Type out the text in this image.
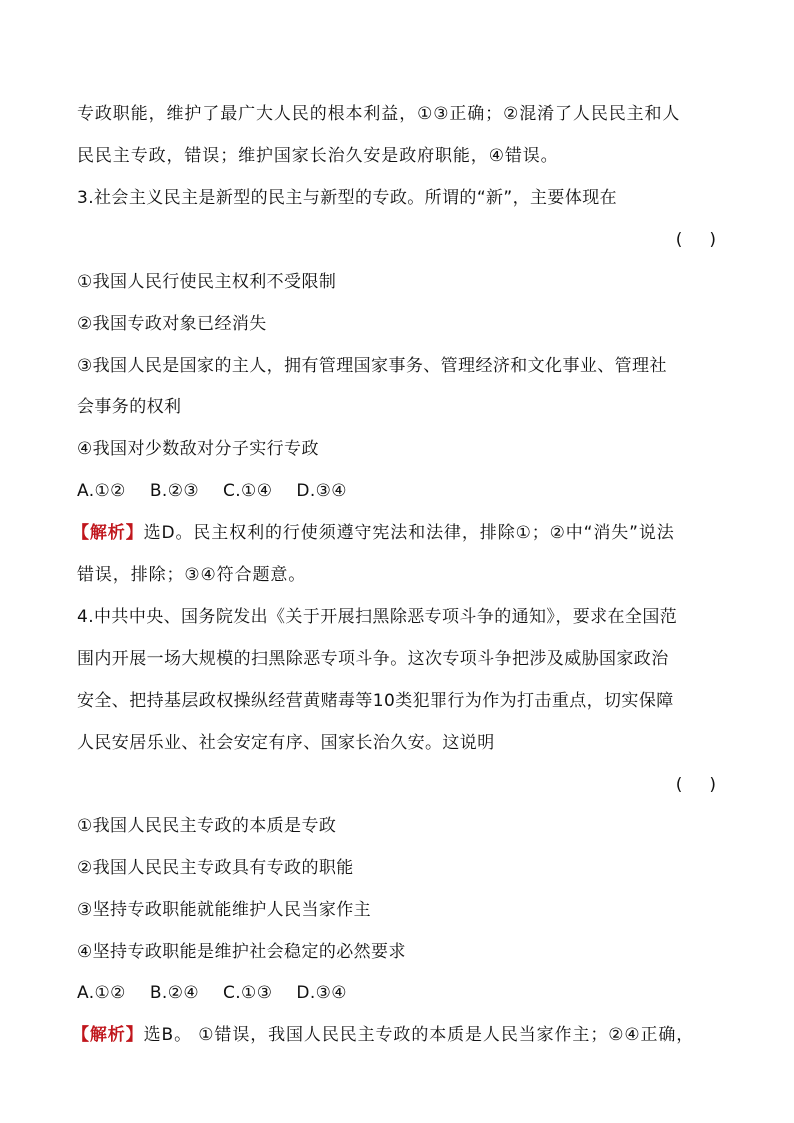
专政职能，维护了最广大人民的根本利益，①③正确；②混淆了人民民主和人
民民主专政，错误；维护国家长治久安是政府职能，④错误。
3.社会主义民主是新型的民主与新型的专政。所谓的“新”，主要体现在
(     )
①我国人民行使民主权利不受限制
②我国专政对象已经消失
③我国人民是国家的主人，拥有管理国家事务、管理经济和文化事业、管理社
会事务的权利
④我国对少数敌对分子实行专政
A.①② B.②③ C.①④ D.③④
【解析】选D。民主权利的行使须遵守宪法和法律，排除①；②中“消失”说法
错误，排除；③④符合题意。
4.中共中央、国务院发出《关于开展扫黑除恶专项斗争的通知》，要求在全国范
围内开展一场大规模的扫黑除恶专项斗争。这次专项斗争把涉及威胁国家政治
安全、把持基层政权操纵经营黄赌毒等10类犯罪行为作为打击重点，切实保障
人民安居乐业、社会安定有序、国家长治久安。这说明
(     )
①我国人民民主专政的本质是专政
②我国人民民主专政具有专政的职能
③坚持专政职能就能维护人民当家作主
④坚持专政职能是维护社会稳定的必然要求
A.①② B.②④ C.①③ D.③④
【解析】选B。 ①错误，我国人民民主专政的本质是人民当家作主；②④正确，
